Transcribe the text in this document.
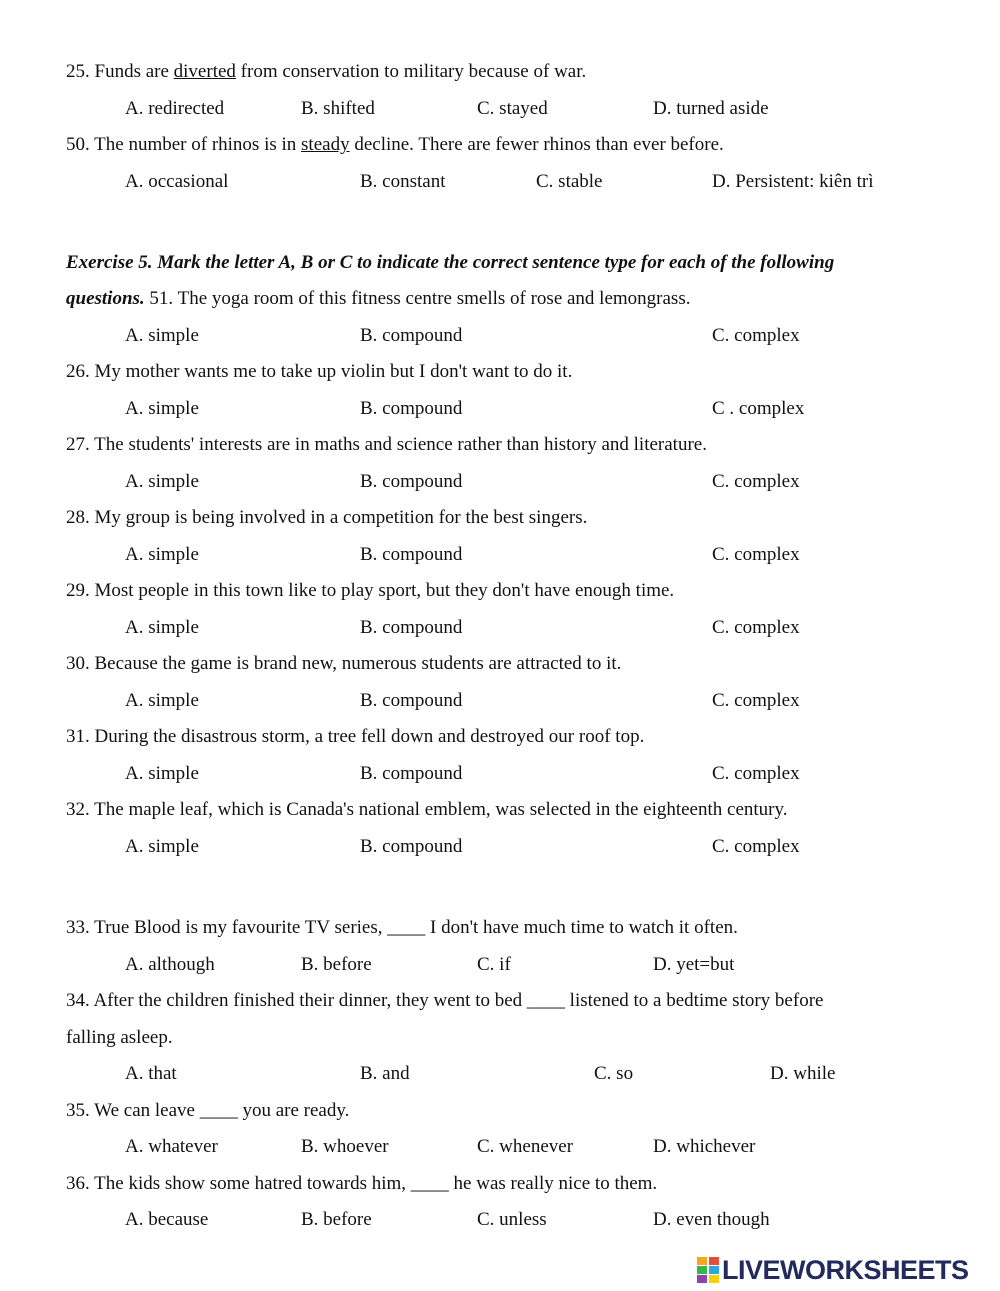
25. Funds are diverted from conservation to military because of war.
A. redirected	B. shifted	C. stayed	D. turned aside
50. The number of rhinos is in steady decline. There are fewer rhinos than ever before.
A. occasional	B. constant	C. stable	D. Persistent: kiên trì
Exercise 5. Mark the letter A, B or C to indicate the correct sentence type for each of the following
questions. 51. The yoga room of this fitness centre smells of rose and lemongrass.
A. simple	B. compound	C. complex
26. My mother wants me to take up violin but I don't want to do it.
A. simple	B. compound	C . complex
27. The students' interests are in maths and science rather than history and literature.
A. simple	B. compound	C. complex
28. My group is being involved in a competition for the best singers.
A. simple	B. compound	C. complex
29. Most people in this town like to play sport, but they don't have enough time.
A. simple	B. compound	C. complex
30. Because the game is brand new, numerous students are attracted to it.
A. simple	B. compound	C. complex
31. During the disastrous storm, a tree fell down and destroyed our roof top.
A. simple	B. compound	C. complex
32. The maple leaf, which is Canada's national emblem, was selected in the eighteenth century.
A. simple	B. compound	C. complex
33. True Blood is my favourite TV series, ____ I don't have much time to watch it often.
A. although	B. before	C. if	D. yet=but
34. After the children finished their dinner, they went to bed ____ listened to a bedtime story before
falling asleep.
A. that	B. and	C. so	D. while
35. We can leave ____ you are ready.
A. whatever	B. whoever	C. whenever	D. whichever
36. The kids show some hatred towards him, ____ he was really nice to them.
A. because	B. before	C. unless	D. even though
LIVEWORKSHEETS
